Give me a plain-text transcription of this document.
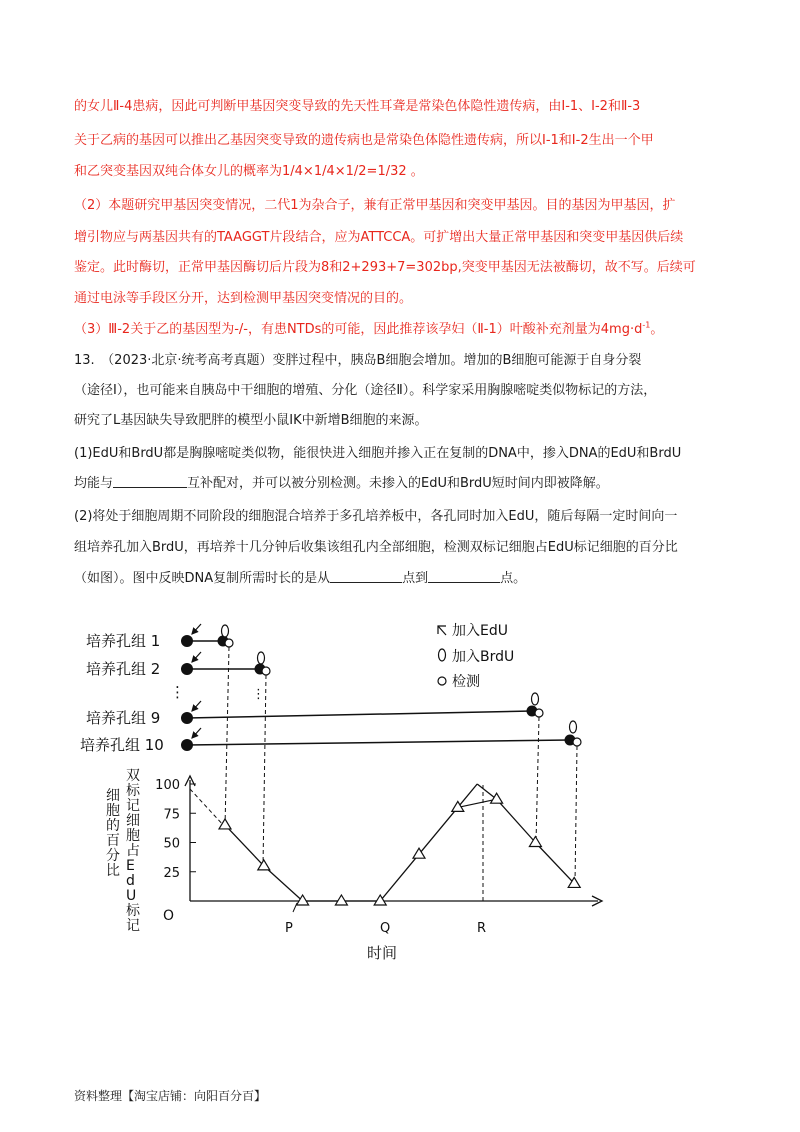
的女儿Ⅱ-4患病，因此可判断甲基因突变导致的先天性耳聋是常染色体隐性遗传病，由Ⅰ-1、Ⅰ-2和Ⅱ-3

关于乙病的基因可以推出乙基因突变导致的遗传病也是常染色体隐性遗传病，所以Ⅰ-1和Ⅰ-2生出一个甲

和乙突变基因双纯合体女儿的概率为1/4×1/4×1/2=1/32 。

（2）本题研究甲基因突变情况，二代1为杂合子，兼有正常甲基因和突变甲基因。目的基因为甲基因，扩

增引物应与两基因共有的TAAGGT片段结合，应为ATTCCA。可扩增出大量正常甲基因和突变甲基因供后续

鉴定。此时酶切，正常甲基因酶切后片段为8和2+293+7=302bp,突变甲基因无法被酶切，故不写。后续可

通过电泳等手段区分开，达到检测甲基因突变情况的目的。

（3）Ⅲ-2关于乙的基因型为-/-，有患NTDs的可能，因此推荐该孕妇（Ⅱ-1）叶酸补充剂量为$4mg\cdot d^{-1}$。

13.　（2023·北京·统考高考真题）变胖过程中，胰岛B细胞会增加。增加的B细胞可能源于自身分裂

（途径Ⅰ），也可能来自胰岛中干细胞的增殖、分化（途径Ⅱ）。科学家采用胸腺嘧啶类似物标记的方法，

研究了L基因缺失导致肥胖的模型小鼠IK中新增B细胞的来源。

(1)EdU和BrdU都是胸腺嘧啶类似物，能很快进入细胞并掺入正在复制的DNA中，掺入DNA的EdU和BrdU

均能与	互补配对，并可以被分别检测。未掺入的EdU和BrdU短时间内即被降解。

(2)将处于细胞周期不同阶段的细胞混合培养于多孔培养板中，各孔同时加入EdU，随后每隔一定时间向一

组培养孔加入BrdU，再培养十几分钟后收集该组孔内全部细胞，检测双标记细胞占EdU标记细胞的百分比

（如图）。图中反映DNA复制所需时长的是从	点到	点。

培养孔组 1
培养孔组 2
⋮
培养孔组 9
培养孔组 10
⋮
加入EdU
加入BrdU
检测
100
75
50
25
双标记细胞占 E d U 标记
细胞的百分比
O
P	Q	R
时间
资料整理【淘宝店铺：向阳百分百】
